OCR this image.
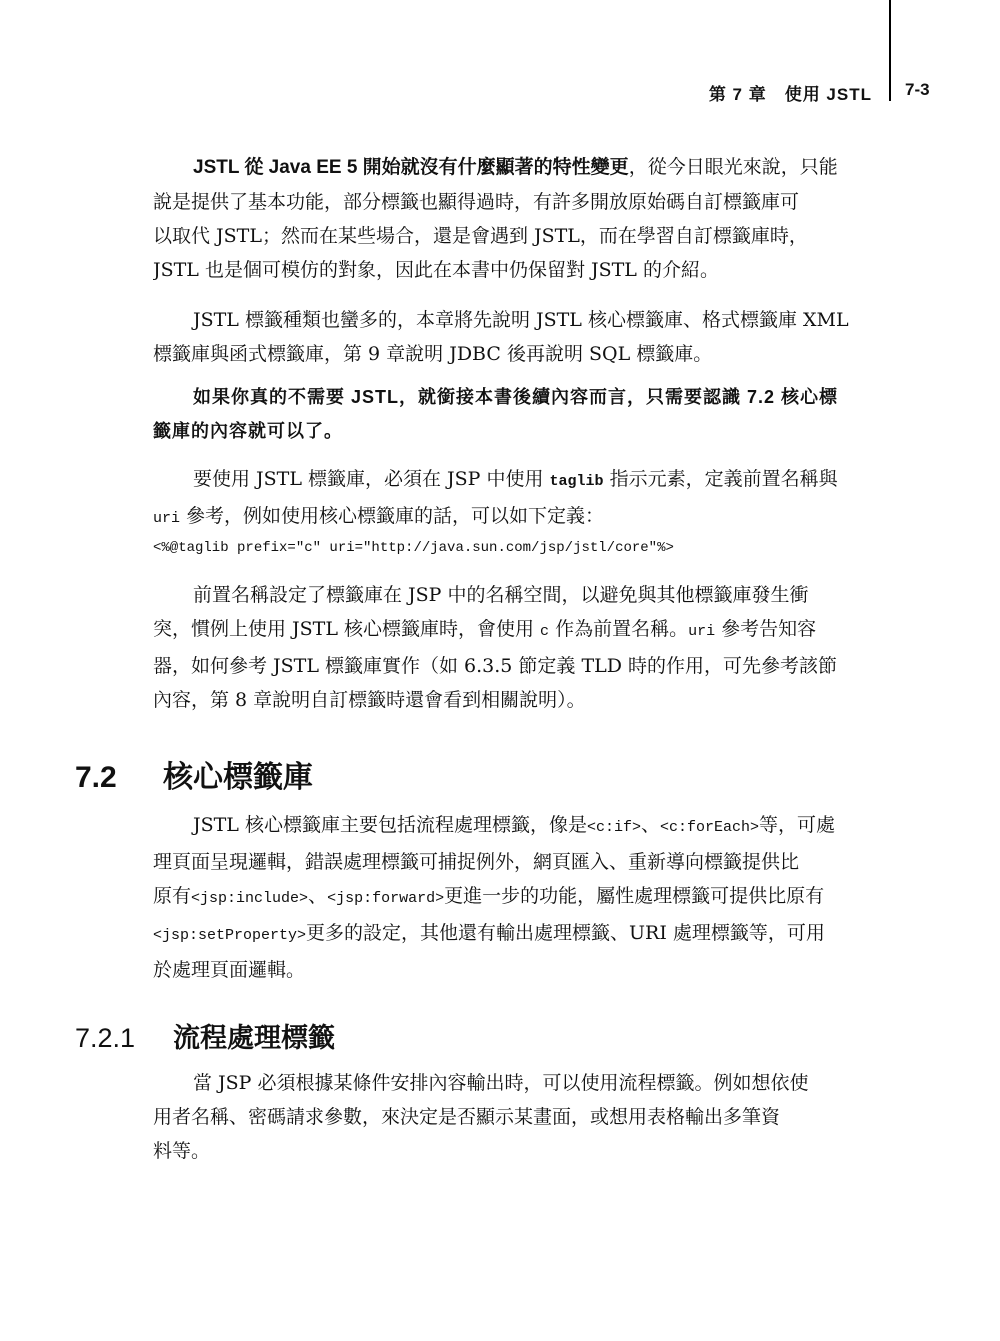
第 7 章　使用 JSTL 7-3
JSTL 從 Java EE 5 開始就沒有什麼顯著的特性變更，從今日眼光來說，只能
說是提供了基本功能，部分標籤也顯得過時，有許多開放原始碼自訂標籤庫可
以取代 JSTL；然而在某些場合，還是會遇到 JSTL，而在學習自訂標籤庫時，
JSTL 也是個可模仿的對象，因此在本書中仍保留對 JSTL 的介紹。
JSTL 標籤種類也蠻多的，本章將先說明 JSTL 核心標籤庫、格式標籤庫 XML
標籤庫與函式標籤庫，第 9 章說明 JDBC 後再說明 SQL 標籤庫。
如果你真的不需要 JSTL，就銜接本書後續內容而言，只需要認識 7.2 核心標
籤庫的內容就可以了。
要使用 JSTL 標籤庫，必須在 JSP 中使用 taglib 指示元素，定義前置名稱與
uri 參考，例如使用核心標籤庫的話，可以如下定義：
<%@taglib prefix="c" uri="http://java.sun.com/jsp/jstl/core"%>
前置名稱設定了標籤庫在 JSP 中的名稱空間，以避免與其他標籤庫發生衝
突，慣例上使用 JSTL 核心標籤庫時，會使用 c 作為前置名稱。uri 參考告知容
器，如何參考 JSTL 標籤庫實作（如 6.3.5 節定義 TLD 時的作用，可先參考該節
內容，第 8 章說明自訂標籤時還會看到相關說明）。
7.2 核心標籤庫
JSTL 核心標籤庫主要包括流程處理標籤，像是<c:if>、<c:forEach>等，可處
理頁面呈現邏輯，錯誤處理標籤可捕捉例外，網頁匯入、重新導向標籤提供比
原有<jsp:include>、<jsp:forward>更進一步的功能，屬性處理標籤可提供比原有
<jsp:setProperty>更多的設定，其他還有輸出處理標籤、URI 處理標籤等，可用
於處理頁面邏輯。
7.2.1 流程處理標籤
當 JSP 必須根據某條件安排內容輸出時，可以使用流程標籤。例如想依使
用者名稱、密碼請求參數，來決定是否顯示某畫面，或想用表格輸出多筆資
料等。
